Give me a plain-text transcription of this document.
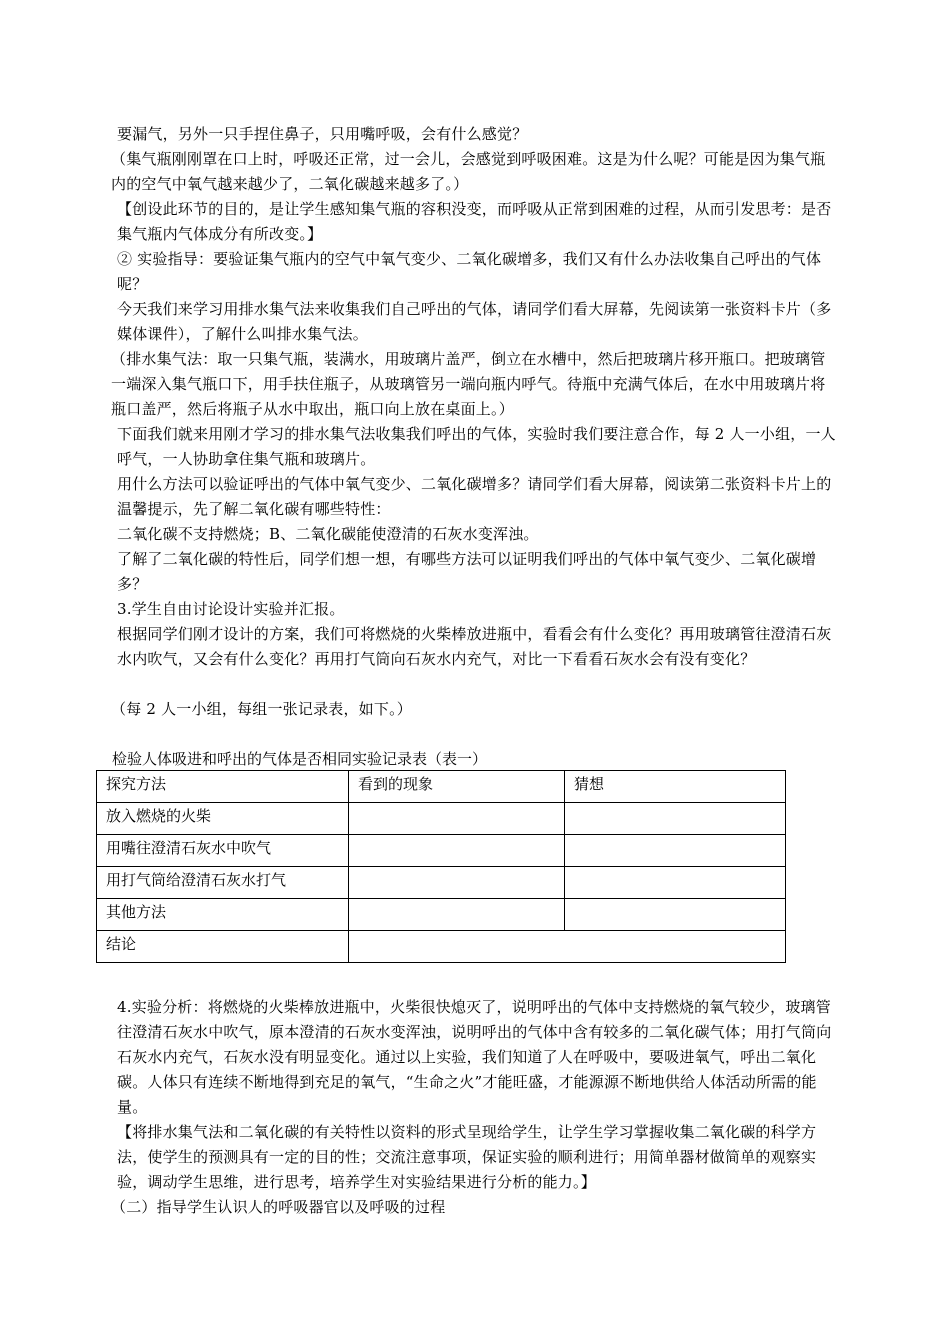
要漏气，另外一只手捏住鼻子，只用嘴呼吸，会有什么感觉？
（集气瓶刚刚罩在口上时，呼吸还正常，过一会儿，会感觉到呼吸困难。这是为什么呢？可能是因为集气瓶内的空气中氧气越来越少了，二氧化碳越来越多了。）
【创设此环节的目的，是让学生感知集气瓶的容积没变，而呼吸从正常到困难的过程，从而引发思考：是否集气瓶内气体成分有所改变。】
② 实验指导：要验证集气瓶内的空气中氧气变少、二氧化碳增多，我们又有什么办法收集自己呼出的气体呢？
今天我们来学习用排水集气法来收集我们自己呼出的气体，请同学们看大屏幕，先阅读第一张资料卡片（多媒体课件），了解什么叫排水集气法。
（排水集气法：取一只集气瓶，装满水，用玻璃片盖严，倒立在水槽中，然后把玻璃片移开瓶口。把玻璃管一端深入集气瓶口下，用手扶住瓶子，从玻璃管另一端向瓶内呼气。待瓶中充满气体后，在水中用玻璃片将瓶口盖严，然后将瓶子从水中取出，瓶口向上放在桌面上。）
下面我们就来用刚才学习的排水集气法收集我们呼出的气体，实验时我们要注意合作，每 2 人一小组，一人呼气，一人协助拿住集气瓶和玻璃片。
用什么方法可以验证呼出的气体中氧气变少、二氧化碳增多？请同学们看大屏幕，阅读第二张资料卡片上的温馨提示，先了解二氧化碳有哪些特性：
二氧化碳不支持燃烧；B、二氧化碳能使澄清的石灰水变浑浊。
了解了二氧化碳的特性后，同学们想一想，有哪些方法可以证明我们呼出的气体中氧气变少、二氧化碳增多？
3.学生自由讨论设计实验并汇报。
根据同学们刚才设计的方案，我们可将燃烧的火柴棒放进瓶中，看看会有什么变化？再用玻璃管往澄清石灰水内吹气，又会有什么变化？再用打气筒向石灰水内充气，对比一下看看石灰水会有没有变化？
（每 2 人一小组，每组一张记录表，如下。）
检验人体吸进和呼出的气体是否相同实验记录表（表一）
探究方法	看到的现象	猜想
放入燃烧的火柴		
用嘴往澄清石灰水中吹气		
用打气筒给澄清石灰水打气		
其他方法		
结论		
4.实验分析：将燃烧的火柴棒放进瓶中，火柴很快熄灭了，说明呼出的气体中支持燃烧的氧气较少，玻璃管往澄清石灰水中吹气，原本澄清的石灰水变浑浊，说明呼出的气体中含有较多的二氧化碳气体；用打气筒向石灰水内充气，石灰水没有明显变化。通过以上实验，我们知道了人在呼吸中，要吸进氧气，呼出二氧化碳。人体只有连续不断地得到充足的氧气，“生命之火”才能旺盛，才能源源不断地供给人体活动所需的能量。
【将排水集气法和二氧化碳的有关特性以资料的形式呈现给学生，让学生学习掌握收集二氧化碳的科学方法，使学生的预测具有一定的目的性；交流注意事项，保证实验的顺利进行；用简单器材做简单的观察实验，调动学生思维，进行思考，培养学生对实验结果进行分析的能力。】
（二）指导学生认识人的呼吸器官以及呼吸的过程
